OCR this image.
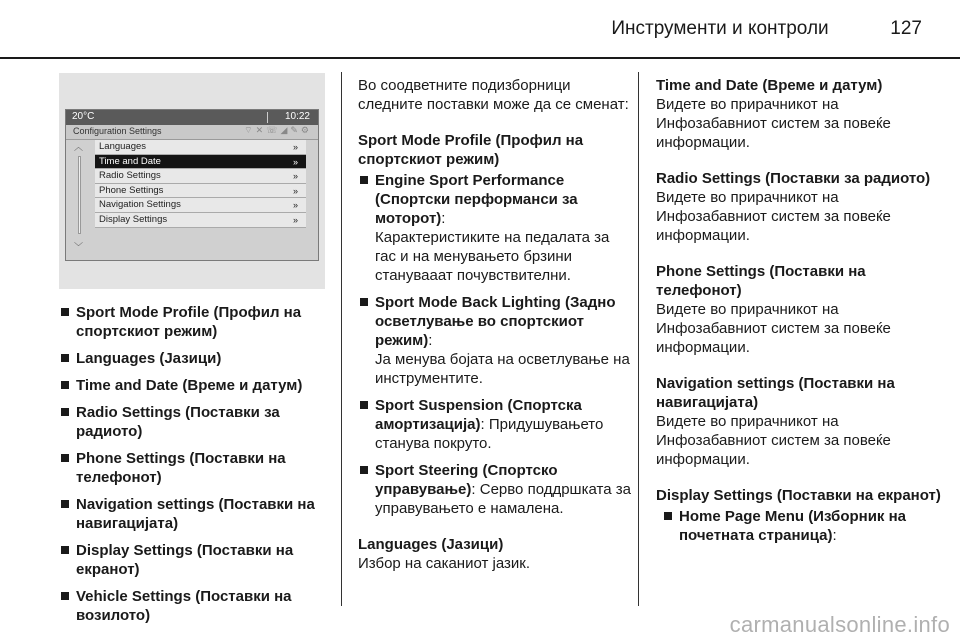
Инструменти и контроли	127
20°C	10:22
Configuration Settings	⌔✕☏◢✎⚙
︿
﹀
Languages	»
Time and Date	»
Radio Settings	»
Phone Settings	»
Navigation Settings	»
Display Settings	»
Sport Mode Profile (Профил на спортскиот режим)
Languages (Јазици)
Time and Date (Време и датум)
Radio Settings (Поставки за радиото)
Phone Settings (Поставки на телефонот)
Navigation settings (Поставки на навигацијата)
Display Settings (Поставки на екранот)
Vehicle Settings (Поставки на возилото)

Во соодветните подизборници следните поставки може да се сменат:

Sport Mode Profile (Профил на спортскиот режим)

Engine Sport Performance (Спортски перформанси за моторот):

Карактеристиките на педалата за гас и на менувањето брзини станувааат почувствителни.

Sport Mode Back Lighting (Задно осветлување во спортскиот режим):

Ја менува бојата на осветлување на инструментите.

Sport Suspension (Спортска амортизација): Придушувањето станува покруто.
Sport Steering (Спортско управување): Серво поддршката за управувањето е намалена.

Languages (Јазици)

Избор на саканиот јазик.

Time and Date (Време и датум)

Видете во прирачникот на Инфозабавниот систем за повеќе информации.

Radio Settings (Поставки за радиото)

Видете во прирачникот на Инфозабавниот систем за повеќе информации.

Phone Settings (Поставки на телефонот)

Видете во прирачникот на Инфозабавниот систем за повеќе информации.

Navigation settings (Поставки на навигацијата)

Видете во прирачникот на Инфозабавниот систем за повеќе информации.

Display Settings (Поставки на екранот)

Home Page Menu (Изборник на почетната страница):
carmanualsonline.info
